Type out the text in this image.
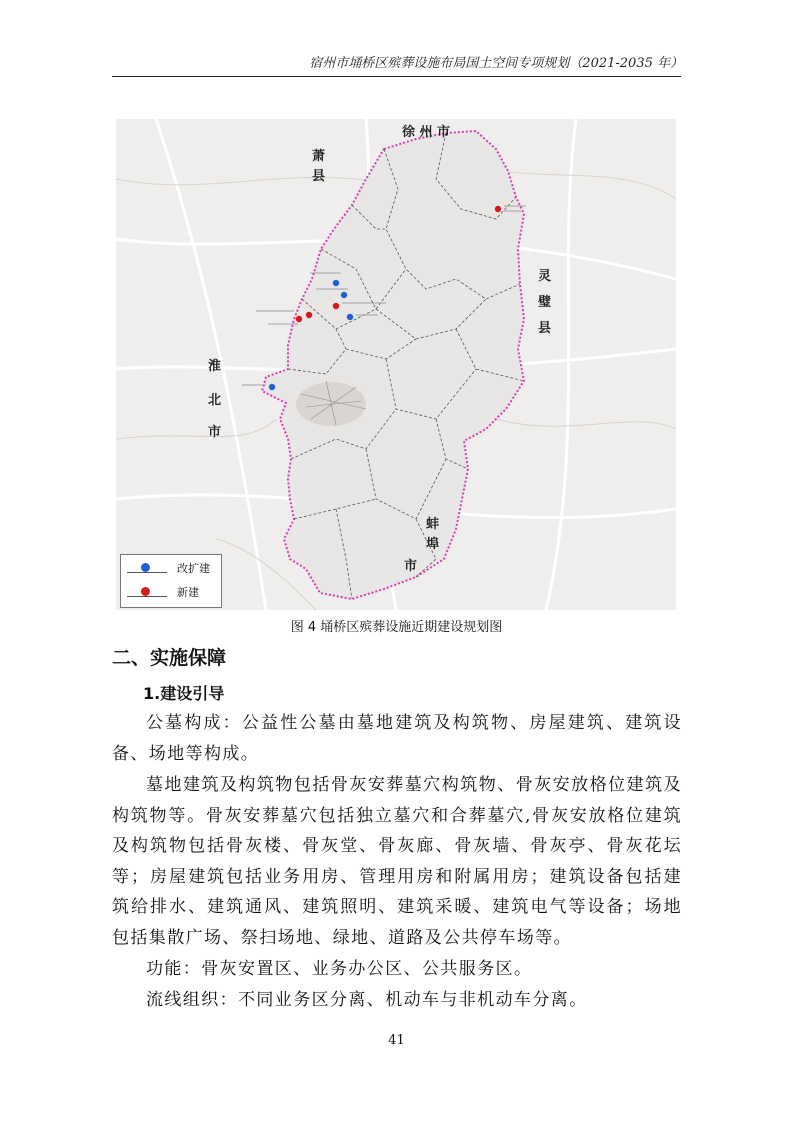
宿州市埇桥区殡葬设施布局国土空间专项规划（2021-2035 年）
徐 州 市
萧
县
灵
璧
县
淮
北
市
蚌
埠
市
改扩建
新建
图 4 埇桥区殡葬设施近期建设规划图
二、实施保障
1.建设引导
公墓构成：公益性公墓由墓地建筑及构筑物、房屋建筑、建筑设备、场地等构成。
墓地建筑及构筑物包括骨灰安葬墓穴构筑物、骨灰安放格位建筑及构筑物等。骨灰安葬墓穴包括独立墓穴和合葬墓穴,骨灰安放格位建筑及构筑物包括骨灰楼、骨灰堂、骨灰廊、骨灰墙、骨灰亭、骨灰花坛等；房屋建筑包括业务用房、管理用房和附属用房；建筑设备包括建筑给排水、建筑通风、建筑照明、建筑采暖、建筑电气等设备；场地包括集散广场、祭扫场地、绿地、道路及公共停车场等。
功能：骨灰安置区、业务办公区、公共服务区。
流线组织：不同业务区分离、机动车与非机动车分离。
41
